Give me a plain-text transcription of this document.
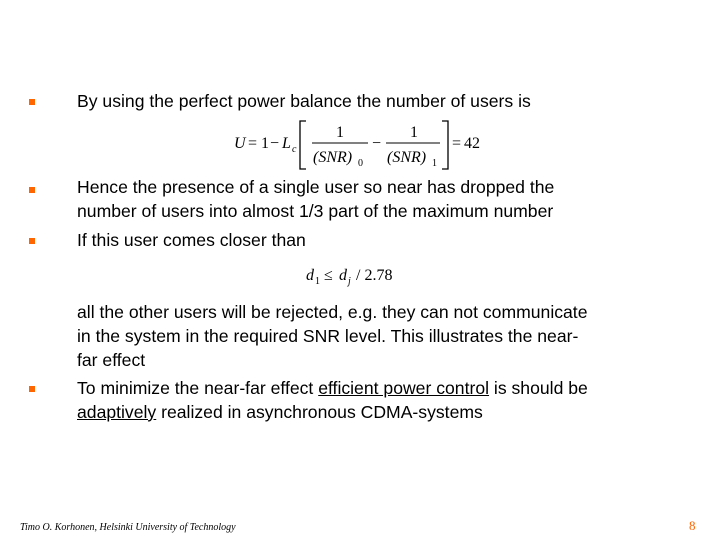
By using the perfect power balance the number of users is
U = 1 − L c
1
(SNR) 0
−
1
(SNR) 1
= 42
Hence the presence of a single user so near has dropped the
number of users into almost 1/3 part of the maximum number
If this user comes closer than
d 1 ≤ d j / 2.78
all the other users will be rejected, e.g. they can not communicate
in the system in the required SNR level. This illustrates the near-
far effect
To minimize the near-far effect efficient power control is should be
adaptively realized in asynchronous CDMA-systems
Timo O. Korhonen, Helsinki University of Technology	8
